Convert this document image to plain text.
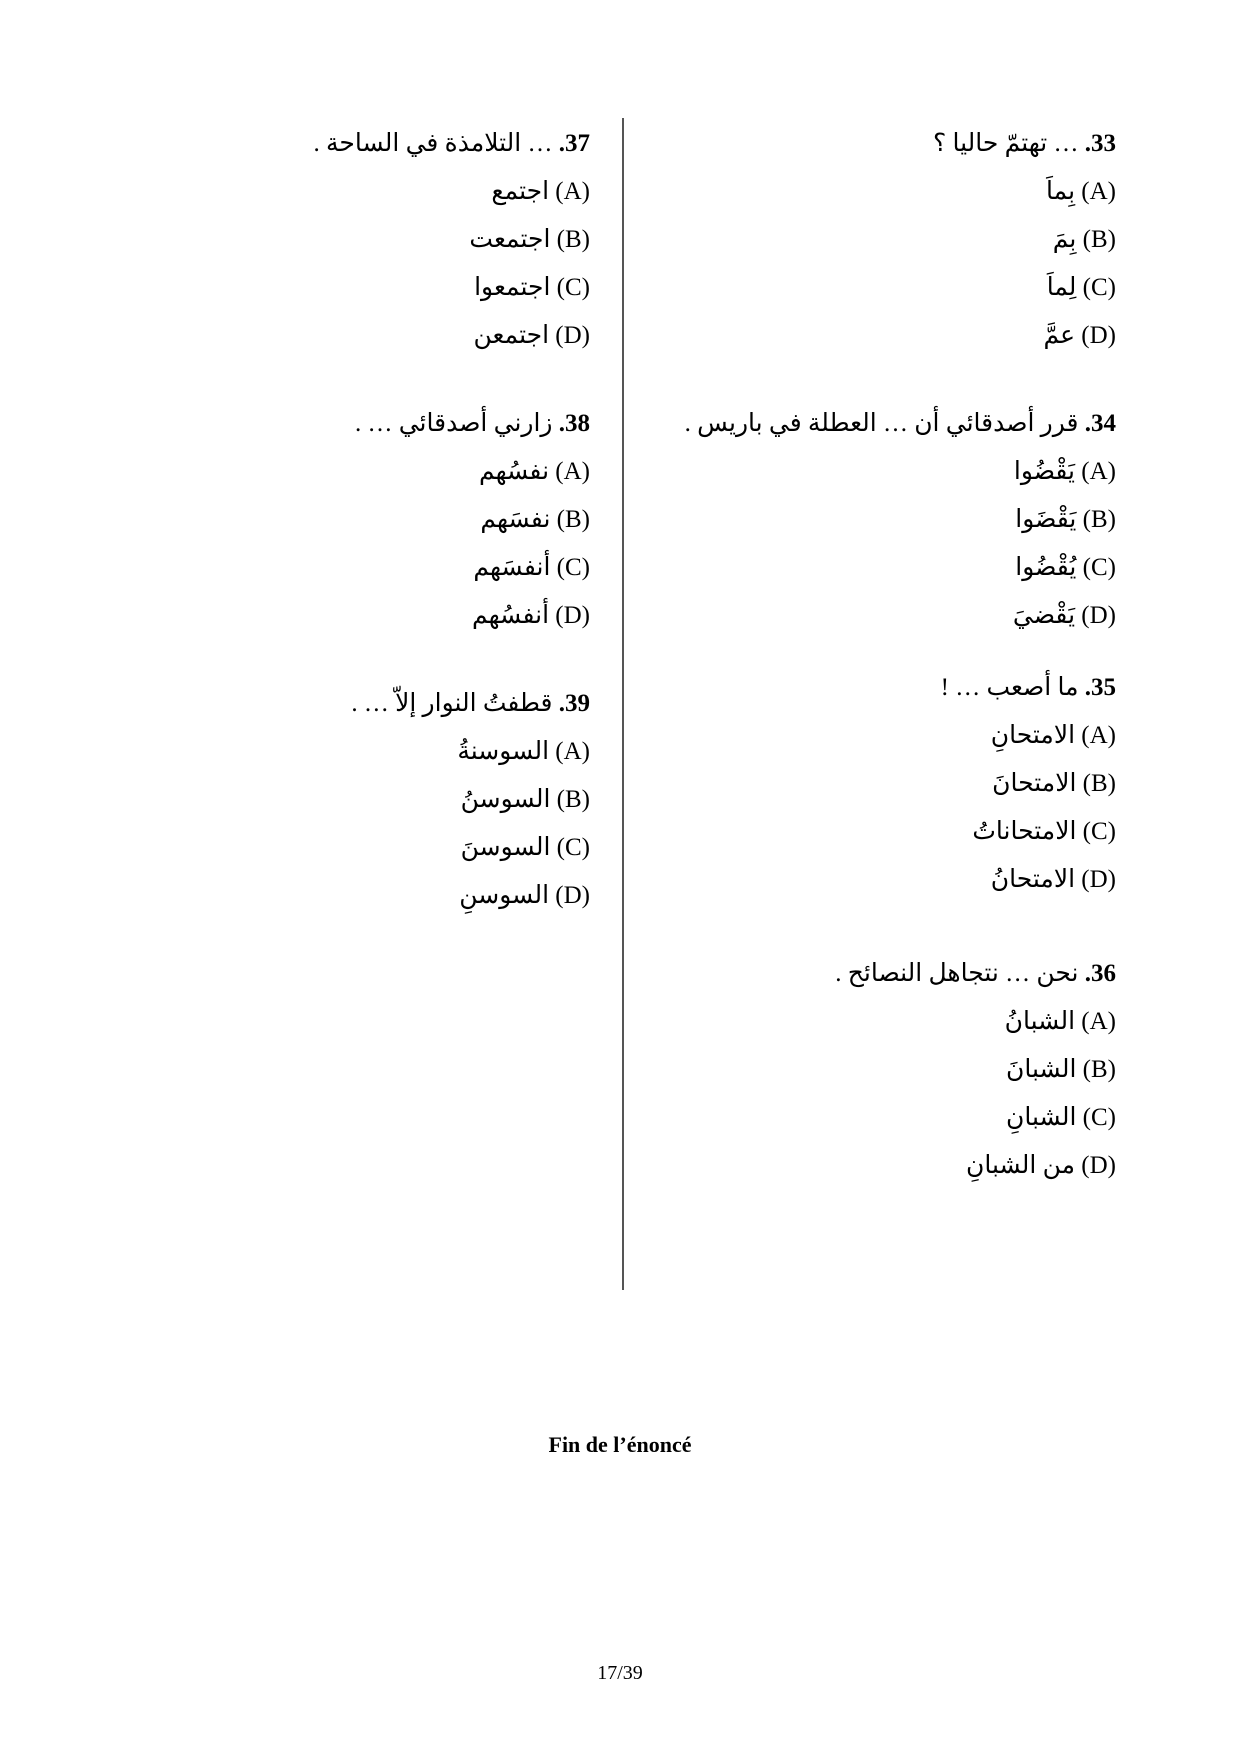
33. … تهتمّ حاليا ؟

(A) بِماَ

(B) بِمَ

(C) لِماَ

(D) عمَّ

34. قرر أصدقائي أن … العطلة في باريس .

(A) يَقْضُوا

(B) يَقْضَوا

(C) يُقْضُوا

(D) يَقْضيَ

35. ما أصعب … !

(A) الامتحانِ

(B) الامتحانَ

(C) الامتحاناتُ

(D) الامتحانُ

36. نحن … نتجاهل النصائح .

(A) الشبانُ

(B) الشبانَ

(C) الشبانِ

(D) من الشبانِ

37. … التلامذة في الساحة .

(A) اجتمع

(B) اجتمعت

(C) اجتمعوا

(D) اجتمعن

38. زارني أصدقائي … .

(A) نفسُهم

(B) نفسَهم

(C) أنفسَهم

(D) أنفسُهم

39. قطفتُ النوار إلاّ … .

(A) السوسنةُ

(B) السوسنُ

(C) السوسنَ

(D) السوسنِ

Fin de l’énoncé
17/39
